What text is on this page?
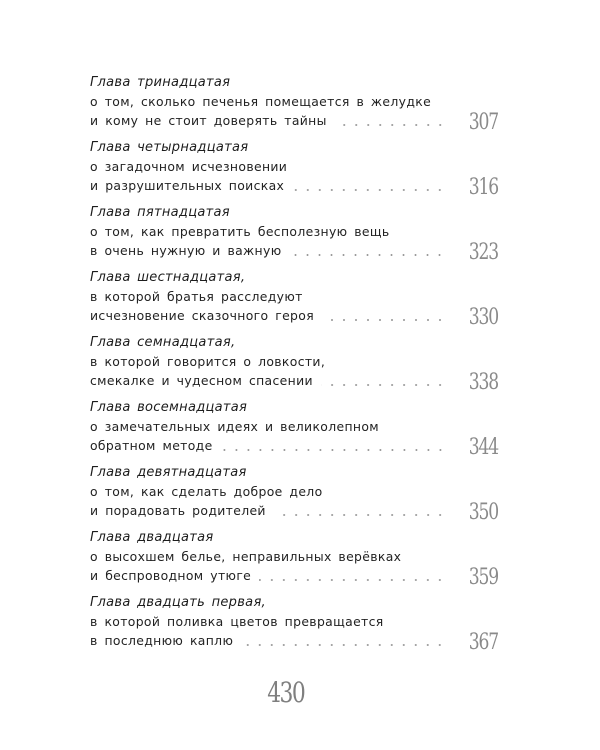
Глава тринадцатая
о том, сколько печенья помещается в желудке
и кому не стоит доверять тайны	307
Глава четырнадцатая
о загадочном исчезновении
и разрушительных поисках	316
Глава пятнадцатая
о том, как превратить бесполезную вещь
в очень нужную и важную	323
Глава шестнадцатая,
в которой братья расследуют
исчезновение сказочного героя	330
Глава семнадцатая,
в которой говорится о ловкости,
смекалке и чудесном спасении	338
Глава восемнадцатая
о замечательных идеях и великолепном
обратном методе	344
Глава девятнадцатая
о том, как сделать доброе дело
и порадовать родителей	350
Глава двадцатая
о высохшем белье, неправильных верёвках
и беспроводном утюге	359
Глава двадцать первая,
в которой поливка цветов превращается
в последнюю каплю	367
430
